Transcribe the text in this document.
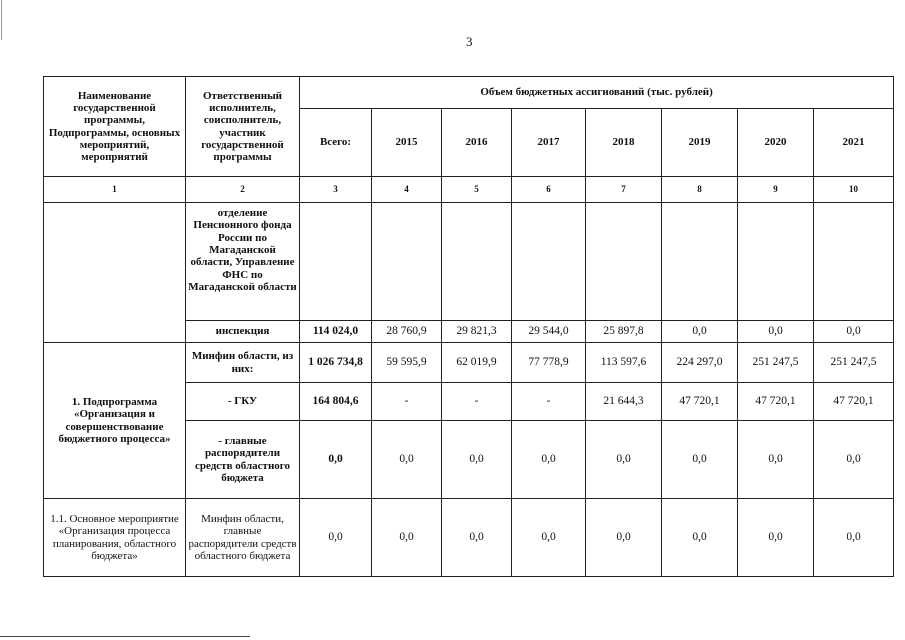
3
Наименование государственной программы, Подпрограммы, основных мероприятий, мероприятий	Ответственный исполнитель, соисполнитель, участник государственной программы	Объем бюджетных ассигнований (тыс. рублей)							
		Всего:	2015	2016	2017	2018	2019	2020	2021
1	2	3	4	5	6	7	8	9	10
	отделение Пенсионного фонда России по Магаданской области, Управление ФНС по Магаданской области								
	инспекция	114 024,0	28 760,9	29 821,3	29 544,0	25 897,8	0,0	0,0	0,0
1. Подпрограмма «Организация и совершенствование бюджетного процесса»	Минфин области, из них:	1 026 734,8	59 595,9	62 019,9	77 778,9	113 597,6	224 297,0	251 247,5	251 247,5
	- ГКУ	164 804,6	-	-	-	21 644,3	47 720,1	47 720,1	47 720,1
	- главные распорядители средств областного бюджета	0,0	0,0	0,0	0,0	0,0	0,0	0,0	0,0
1.1. Основное мероприятие «Организация процесса планирования, областного бюджета»	Минфин области, главные распорядители средств областного бюджета	0,0	0,0	0,0	0,0	0,0	0,0	0,0	0,0
